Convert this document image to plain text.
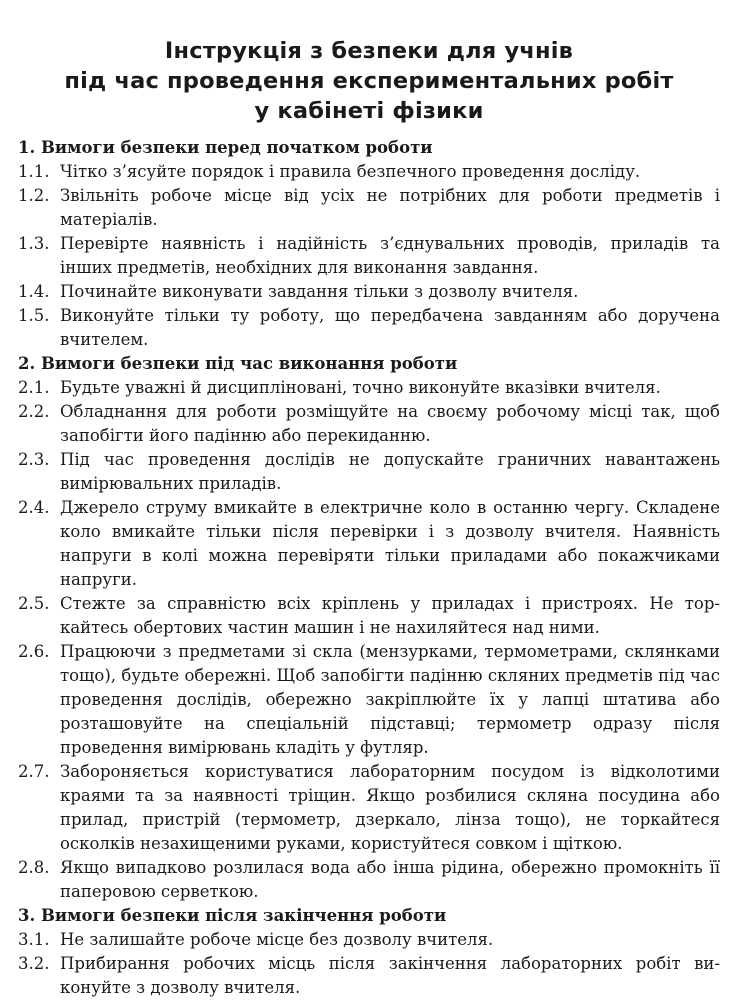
Інструкція з безпеки для учнів
під час проведення експериментальних робіт
у кабінеті фізики
1. Вимоги безпеки перед початком роботи
1.1. Чітко з’ясуйте порядок і правила безпечного проведення досліду.
1.2. Звільніть робоче місце від усіх не потрібних для роботи предметів і матеріалів.
1.3. Перевірте наявність і надійність з’єднувальних проводів, приладів та інших предметів, необхідних для виконання завдання.
1.4. Починайте виконувати завдання тільки з дозволу вчителя.
1.5. Виконуйте тільки ту роботу, що передбачена завданням або доручена вчителем.
2. Вимоги безпеки під час виконання роботи
2.1. Будьте уважні й дисципліновані, точно виконуйте вказівки вчителя.
2.2. Обладнання для роботи розміщуйте на своєму робочому місці так, щоб запобігти його падінню або перекиданню.
2.3. Під час проведення дослідів не допускайте граничних навантажень вимірювальних приладів.
2.4. Джерело струму вмикайте в електричне коло в останню чергу. Складене коло вмикайте тільки після перевірки і з дозволу вчителя. Наявність напруги в колі можна перевіряти тільки приладами або покажчиками напруги.
2.5. Стежте за справністю всіх кріплень у приладах і пристроях. Не торкайтесь обертових частин машин і не нахиляйтеся над ними.
2.6. Працюючи з предметами зі скла (мензурками, термометрами, склянками тощо), будьте обережні. Щоб запобігти падінню скляних предметів під час проведення дослідів, обережно закріплюйте їх у лапці штатива або розташовуйте на спеціальній підставці; термометр одразу після проведення вимірювань кладіть у футляр.
2.7. Забороняється користуватися лабораторним посудом із відколотими краями та за наявності тріщин. Якщо розбилися скляна посудина або прилад, пристрій (термометр, дзеркало, лінза тощо), не торкайтеся осколків незахищеними руками, користуйтеся совком і щіткою.
2.8. Якщо випадково розлилася вода або інша рідина, обережно промокніть її паперовою серветкою.
3. Вимоги безпеки після закінчення роботи
3.1. Не залишайте робоче місце без дозволу вчителя.
3.2. Прибирання робочих місць після закінчення лабораторних робіт виконуйте з дозволу вчителя.
